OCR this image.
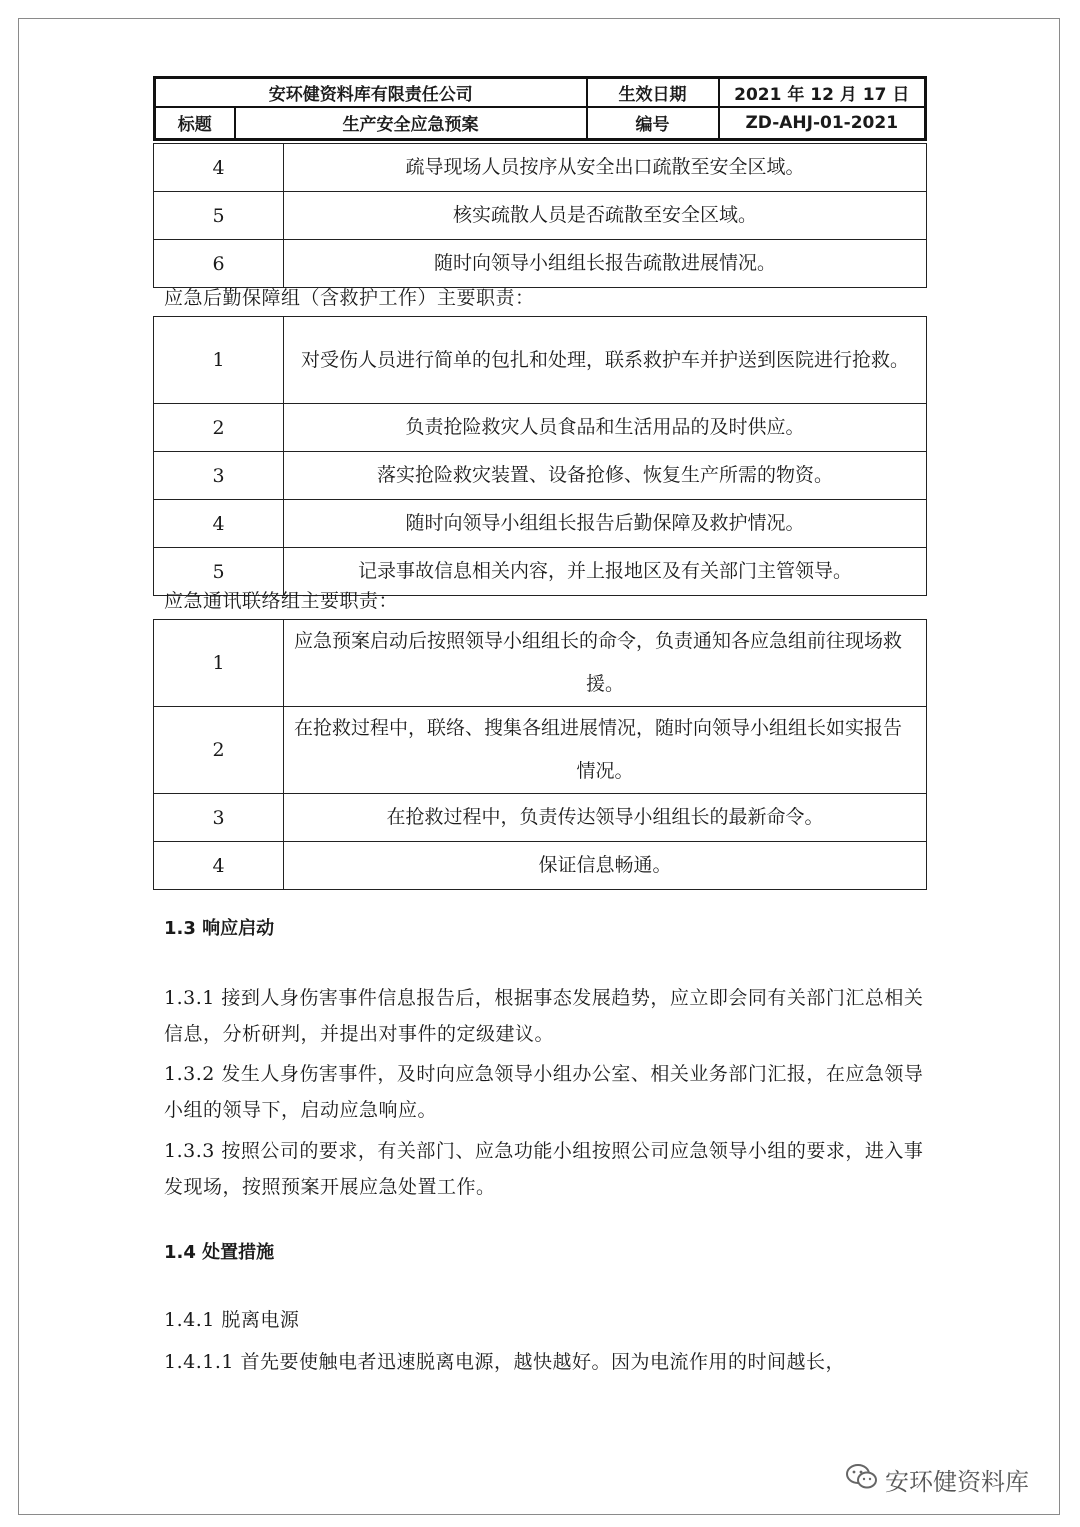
安环健资料库有限责任公司		生效日期	2021 年 12 月 17 日
标题	生产安全应急预案	编号	ZD-AHJ-01-2021
4	疏导现场人员按序从安全出口疏散至安全区域。
5	核实疏散人员是否疏散至安全区域。
6	随时向领导小组组长报告疏散进展情况。
应急后勤保障组（含救护工作）主要职责：
1	对受伤人员进行简单的包扎和处理，联系救护车并护送到医院进行抢救。
2	负责抢险救灾人员食品和生活用品的及时供应。
3	落实抢险救灾装置、设备抢修、恢复生产所需的物资。
4	随时向领导小组组长报告后勤保障及救护情况。
5	记录事故信息相关内容，并上报地区及有关部门主管领导。
应急通讯联络组主要职责：
1	应急预案启动后按照领导小组组长的命令，负责通知各应急组前往现场救援。
2	在抢救过程中，联络、搜集各组进展情况，随时向领导小组组长如实报告情况。
3	在抢救过程中，负责传达领导小组组长的最新命令。
4	保证信息畅通。
1.3 响应启动
1.3.1 接到人身伤害事件信息报告后，根据事态发展趋势，应立即会同有关部门汇总相关信息，分析研判，并提出对事件的定级建议。
1.3.2 发生人身伤害事件，及时向应急领导小组办公室、相关业务部门汇报，在应急领导小组的领导下，启动应急响应。
1.3.3 按照公司的要求，有关部门、应急功能小组按照公司应急领导小组的要求，进入事发现场，按照预案开展应急处置工作。
1.4 处置措施
1.4.1 脱离电源
1.4.1.1 首先要使触电者迅速脱离电源，越快越好。因为电流作用的时间越长，
安环健资料库
